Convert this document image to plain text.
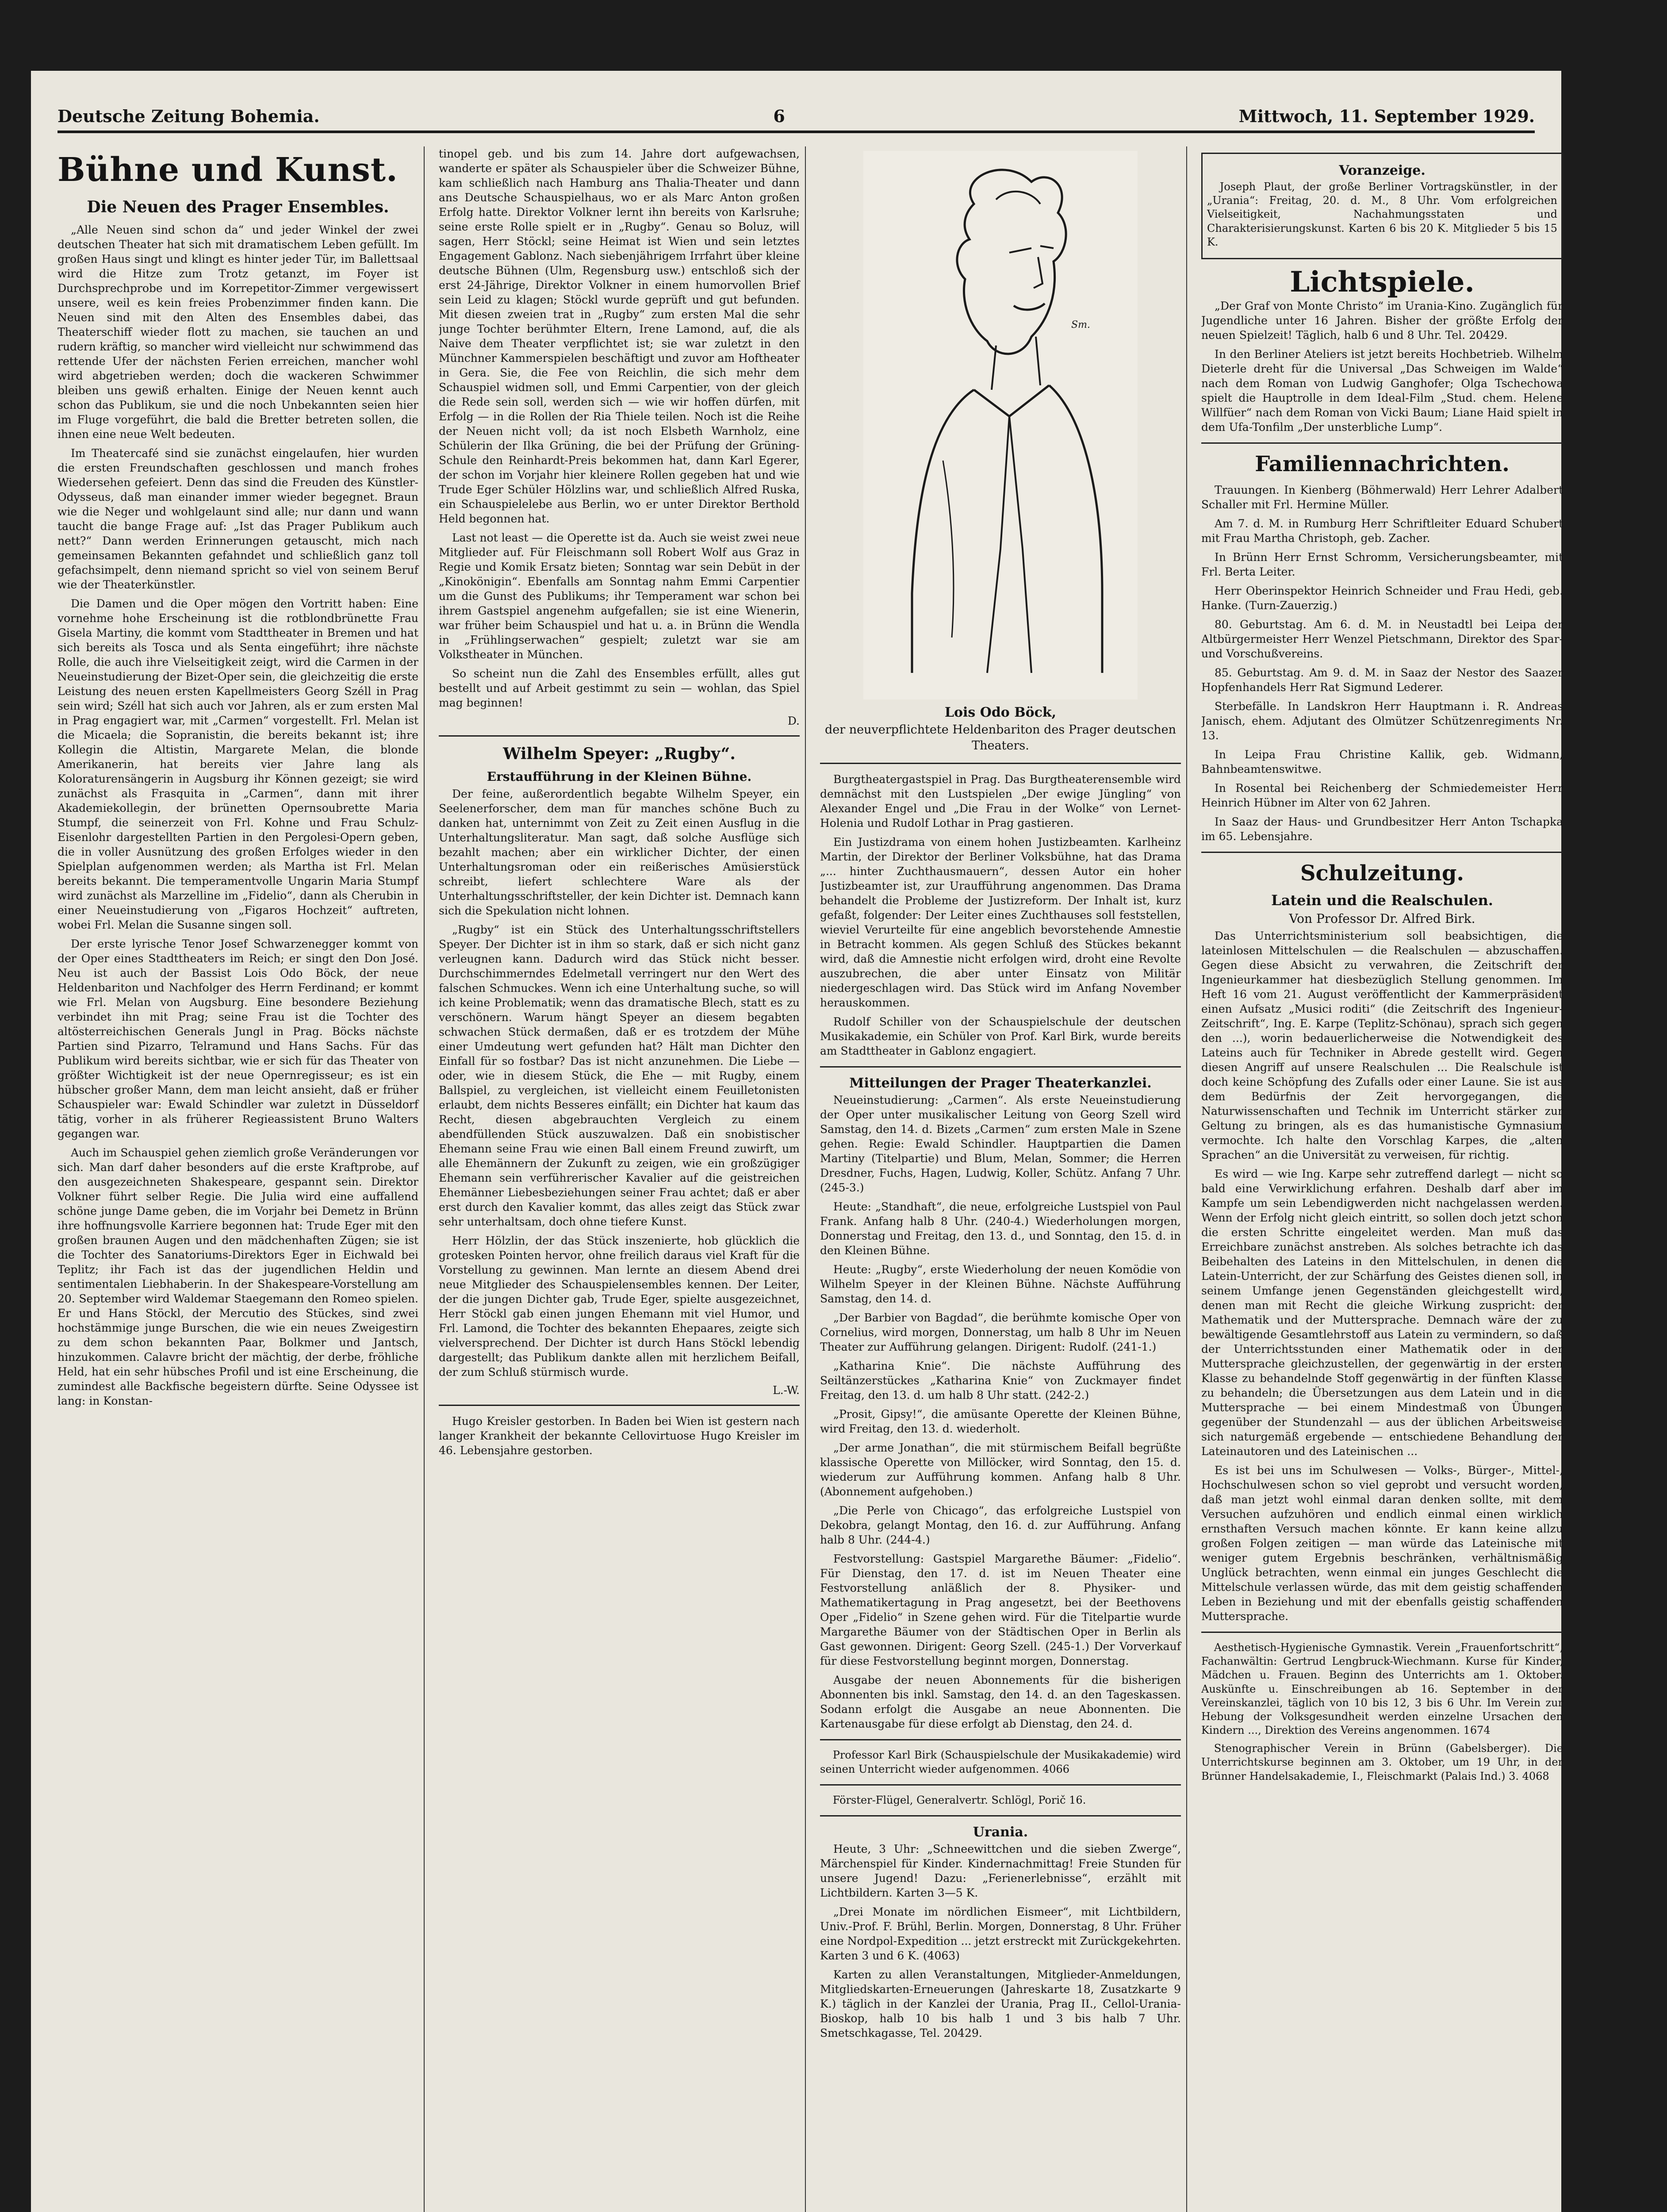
Deutsche Zeitung Bohemia.	6	Mittwoch, 11. September 1929.
Bühne und Kunst.
Die Neuen des Prager Ensembles.

„Alle Neuen sind schon da“ und jeder Winkel der zwei deutschen Theater hat sich mit dramatischem Leben gefüllt. Im großen Haus singt und klingt es hinter jeder Tür, im Ballettsaal wird die Hitze zum Trotz getanzt, im Foyer ist Durchsprechprobe und im Korrepetitor-Zimmer vergewissert unsere, weil es kein freies Probenzimmer finden kann. Die Neuen sind mit den Alten des Ensembles dabei, das Theaterschiff wieder flott zu machen, sie tauchen an und rudern kräftig, so mancher wird vielleicht nur schwimmend das rettende Ufer der nächsten Ferien erreichen, mancher wohl wird abgetrieben werden; doch die wackeren Schwimmer bleiben uns gewiß erhalten. Einige der Neuen kennt auch schon das Publikum, sie und die noch Unbekannten seien hier im Fluge vorgeführt, die bald die Bretter betreten sollen, die ihnen eine neue Welt bedeuten.

Im Theatercafé sind sie zunächst eingelaufen, hier wurden die ersten Freundschaften geschlossen und manch frohes Wiedersehen gefeiert. Denn das sind die Freuden des Künstler-Odysseus, daß man einander immer wieder begegnet. Braun wie die Neger und wohlgelaunt sind alle; nur dann und wann taucht die bange Frage auf: „Ist das Prager Publikum auch nett?“ Dann werden Erinnerungen getauscht, mich nach gemeinsamen Bekannten gefahndet und schließlich ganz toll gefachsimpelt, denn niemand spricht so viel von seinem Beruf wie der Theaterkünstler.

Die Damen und die Oper mögen den Vortritt haben: Eine vornehme hohe Erscheinung ist die rotblondbrünette Frau Gisela Martiny, die kommt vom Stadttheater in Bremen und hat sich bereits als Tosca und als Senta eingeführt; ihre nächste Rolle, die auch ihre Vielseitigkeit zeigt, wird die Carmen in der Neueinstudierung der Bizet-Oper sein, die gleichzeitig die erste Leistung des neuen ersten Kapellmeisters Georg Széll in Prag sein wird; Széll hat sich auch vor Jahren, als er zum ersten Mal in Prag engagiert war, mit „Carmen“ vorgestellt. Frl. Melan ist die Micaela; die Sopranistin, die bereits bekannt ist; ihre Kollegin die Altistin, Margarete Melan, die blonde Amerikanerin, hat bereits vier Jahre lang als Koloraturensängerin in Augsburg ihr Können gezeigt; sie wird zunächst als Frasquita in „Carmen“, dann mit ihrer Akademiekollegin, der brünetten Opernsoubrette Maria Stumpf, die seinerzeit von Frl. Kohne und Frau Schulz-Eisenlohr dargestellten Partien in den Pergolesi-Opern geben, die in voller Ausnützung des großen Erfolges wieder in den Spielplan aufgenommen werden; als Martha ist Frl. Melan bereits bekannt. Die temperamentvolle Ungarin Maria Stumpf wird zunächst als Marzelline im „Fidelio“, dann als Cherubin in einer Neueinstudierung von „Figaros Hochzeit“ auftreten, wobei Frl. Melan die Susanne singen soll.

Der erste lyrische Tenor Josef Schwarzenegger kommt von der Oper eines Stadttheaters im Reich; er singt den Don José. Neu ist auch der Bassist Lois Odo Böck, der neue Heldenbariton und Nachfolger des Herrn Ferdinand; er kommt wie Frl. Melan von Augsburg. Eine besondere Beziehung verbindet ihn mit Prag; seine Frau ist die Tochter des altösterreichischen Generals Jungl in Prag. Böcks nächste Partien sind Pizarro, Telramund und Hans Sachs. Für das Publikum wird bereits sichtbar, wie er sich für das Theater von größter Wichtigkeit ist der neue Opernregisseur; es ist ein hübscher großer Mann, dem man leicht ansieht, daß er früher Schauspieler war: Ewald Schindler war zuletzt in Düsseldorf tätig, vorher in als früherer Regieassistent Bruno Walters gegangen war.

Auch im Schauspiel gehen ziemlich große Veränderungen vor sich. Man darf daher besonders auf die erste Kraftprobe, auf den ausgezeichneten Shakespeare, gespannt sein. Direktor Volkner führt selber Regie. Die Julia wird eine auffallend schöne junge Dame geben, die im Vorjahr bei Demetz in Brünn ihre hoffnungsvolle Karriere begonnen hat: Trude Eger mit den großen braunen Augen und den mädchenhaften Zügen; sie ist die Tochter des Sanatoriums-Direktors Eger in Eichwald bei Teplitz; ihr Fach ist das der jugendlichen Heldin und sentimentalen Liebhaberin. In der Shakespeare-Vorstellung am 20. September wird Waldemar Staegemann den Romeo spielen. Er und Hans Stöckl, der Mercutio des Stückes, sind zwei hochstämmige junge Burschen, die wie ein neues Zweigestirn zu dem schon bekannten Paar, Bolkmer und Jantsch, hinzukommen. Calavre bricht der mächtig, der derbe, fröhliche Held, hat ein sehr hübsches Profil und ist eine Erscheinung, die zumindest alle Backfische begeistern dürfte. Seine Odyssee ist lang: in Konstan-

tinopel geb. und bis zum 14. Jahre dort aufgewachsen, wanderte er später als Schauspieler über die Schweizer Bühne, kam schließlich nach Hamburg ans Thalia-Theater und dann ans Deutsche Schauspielhaus, wo er als Marc Anton großen Erfolg hatte. Direktor Volkner lernt ihn bereits von Karlsruhe; seine erste Rolle spielt er in „Rugby“. Genau so Boluz, will sagen, Herr Stöckl; seine Heimat ist Wien und sein letztes Engagement Gablonz. Nach siebenjährigem Irrfahrt über kleine deutsche Bühnen (Ulm, Regensburg usw.) entschloß sich der erst 24-Jährige, Direktor Volkner in einem humorvollen Brief sein Leid zu klagen; Stöckl wurde geprüft und gut befunden. Mit diesen zweien trat in „Rugby“ zum ersten Mal die sehr junge Tochter berühmter Eltern, Irene Lamond, auf, die als Naive dem Theater verpflichtet ist; sie war zuletzt in den Münchner Kammerspielen beschäftigt und zuvor am Hoftheater in Gera. Sie, die Fee von Reichlin, die sich mehr dem Schauspiel widmen soll, und Emmi Carpentier, von der gleich die Rede sein soll, werden sich — wie wir hoffen dürfen, mit Erfolg — in die Rollen der Ria Thiele teilen. Noch ist die Reihe der Neuen nicht voll; da ist noch Elsbeth Warnholz, eine Schülerin der Ilka Grüning, die bei der Prüfung der Grüning-Schule den Reinhardt-Preis bekommen hat, dann Karl Egerer, der schon im Vorjahr hier kleinere Rollen gegeben hat und wie Trude Eger Schüler Hölzlins war, und schließlich Alfred Ruska, ein Schauspielelebe aus Berlin, wo er unter Direktor Berthold Held begonnen hat.

Last not least — die Operette ist da. Auch sie weist zwei neue Mitglieder auf. Für Fleischmann soll Robert Wolf aus Graz in Regie und Komik Ersatz bieten; Sonntag war sein Debüt in der „Kinokönigin“. Ebenfalls am Sonntag nahm Emmi Carpentier um die Gunst des Publikums; ihr Temperament war schon bei ihrem Gastspiel angenehm aufgefallen; sie ist eine Wienerin, war früher beim Schauspiel und hat u. a. in Brünn die Wendla in „Frühlingserwachen“ gespielt; zuletzt war sie am Volkstheater in München.

So scheint nun die Zahl des Ensembles erfüllt, alles gut bestellt und auf Arbeit gestimmt zu sein — wohlan, das Spiel mag beginnen!

D.
Wilhelm Speyer: „Rugby“.
Erstaufführung in der Kleinen Bühne.

Der feine, außerordentlich begabte Wilhelm Speyer, ein Seelenerforscher, dem man für manches schöne Buch zu danken hat, unternimmt von Zeit zu Zeit einen Ausflug in die Unterhaltungsliteratur. Man sagt, daß solche Ausflüge sich bezahlt machen; aber ein wirklicher Dichter, der einen Unterhaltungsroman oder ein reißerisches Amüsierstück schreibt, liefert schlechtere Ware als der Unterhaltungsschriftsteller, der kein Dichter ist. Demnach kann sich die Spekulation nicht lohnen.

„Rugby“ ist ein Stück des Unterhaltungsschriftstellers Speyer. Der Dichter ist in ihm so stark, daß er sich nicht ganz verleugnen kann. Dadurch wird das Stück nicht besser. Durchschimmerndes Edelmetall verringert nur den Wert des falschen Schmuckes. Wenn ich eine Unterhaltung suche, so will ich keine Problematik; wenn das dramatische Blech, statt es zu verschönern. Warum hängt Speyer an diesem begabten schwachen Stück dermaßen, daß er es trotzdem der Mühe einer Umdeutung wert gefunden hat? Hält man Dichter den Einfall für so fostbar? Das ist nicht anzunehmen. Die Liebe — oder, wie in diesem Stück, die Ehe — mit Rugby, einem Ballspiel, zu vergleichen, ist vielleicht einem Feuilletonisten erlaubt, dem nichts Besseres einfällt; ein Dichter hat kaum das Recht, diesen abgebrauchten Vergleich zu einem abendfüllenden Stück auszuwalzen. Daß ein snobistischer Ehemann seine Frau wie einen Ball einem Freund zuwirft, um alle Ehemännern der Zukunft zu zeigen, wie ein großzügiger Ehemann sein verführerischer Kavalier auf die geistreichen Ehemänner Liebesbeziehungen seiner Frau achtet; daß er aber erst durch den Kavalier kommt, das alles zeigt das Stück zwar sehr unterhaltsam, doch ohne tiefere Kunst.

Herr Hölzlin, der das Stück inszenierte, hob glücklich die grotesken Pointen hervor, ohne freilich daraus viel Kraft für die Vorstellung zu gewinnen. Man lernte an diesem Abend drei neue Mitglieder des Schauspielensembles kennen. Der Leiter, der die jungen Dichter gab, Trude Eger, spielte ausgezeichnet, Herr Stöckl gab einen jungen Ehemann mit viel Humor, und Frl. Lamond, die Tochter des bekannten Ehepaares, zeigte sich vielversprechend. Der Dichter ist durch Hans Stöckl lebendig dargestellt; das Publikum dankte allen mit herzlichem Beifall, der zum Schluß stürmisch wurde.

L.-W.

Hugo Kreisler gestorben. In Baden bei Wien ist gestern nach langer Krankheit der bekannte Cellovirtuose Hugo Kreisler im 46. Lebensjahre gestorben.

Sm.
Lois Odo Böck,
der neuverpflichtete Heldenbariton des Prager deutschen Theaters.

Burgtheatergastspiel in Prag. Das Burgtheaterensemble wird demnächst mit den Lustspielen „Der ewige Jüngling“ von Alexander Engel und „Die Frau in der Wolke“ von Lernet-Holenia und Rudolf Lothar in Prag gastieren.

Ein Justizdrama von einem hohen Justizbeamten. Karlheinz Martin, der Direktor der Berliner Volksbühne, hat das Drama „... hinter Zuchthausmauern“, dessen Autor ein hoher Justizbeamter ist, zur Uraufführung angenommen. Das Drama behandelt die Probleme der Justizreform. Der Inhalt ist, kurz gefaßt, folgender: Der Leiter eines Zuchthauses soll feststellen, wieviel Verurteilte für eine angeblich bevorstehende Amnestie in Betracht kommen. Als gegen Schluß des Stückes bekannt wird, daß die Amnestie nicht erfolgen wird, droht eine Revolte auszubrechen, die aber unter Einsatz von Militär niedergeschlagen wird. Das Stück wird im Anfang November herauskommen.

Rudolf Schiller von der Schauspielschule der deutschen Musikakademie, ein Schüler von Prof. Karl Birk, wurde bereits am Stadttheater in Gablonz engagiert.

Mitteilungen der Prager Theaterkanzlei.

Neueinstudierung: „Carmen“. Als erste Neueinstudierung der Oper unter musikalischer Leitung von Georg Szell wird Samstag, den 14. d. Bizets „Carmen“ zum ersten Male in Szene gehen. Regie: Ewald Schindler. Hauptpartien die Damen Martiny (Titelpartie) und Blum, Melan, Sommer; die Herren Dresdner, Fuchs, Hagen, Ludwig, Koller, Schütz. Anfang 7 Uhr. (245-3.)

Heute: „Standhaft“, die neue, erfolgreiche Lustspiel von Paul Frank. Anfang halb 8 Uhr. (240-4.) Wiederholungen morgen, Donnerstag und Freitag, den 13. d., und Sonntag, den 15. d. in den Kleinen Bühne.

Heute: „Rugby“, erste Wiederholung der neuen Komödie von Wilhelm Speyer in der Kleinen Bühne. Nächste Aufführung Samstag, den 14. d.

„Der Barbier von Bagdad“, die berühmte komische Oper von Cornelius, wird morgen, Donnerstag, um halb 8 Uhr im Neuen Theater zur Aufführung gelangen. Dirigent: Rudolf. (241-1.)

„Katharina Knie“. Die nächste Aufführung des Seiltänzerstückes „Katharina Knie“ von Zuckmayer findet Freitag, den 13. d. um halb 8 Uhr statt. (242-2.)

„Prosit, Gipsy!“, die amüsante Operette der Kleinen Bühne, wird Freitag, den 13. d. wiederholt.

„Der arme Jonathan“, die mit stürmischem Beifall begrüßte klassische Operette von Millöcker, wird Sonntag, den 15. d. wiederum zur Aufführung kommen. Anfang halb 8 Uhr. (Abonnement aufgehoben.)

„Die Perle von Chicago“, das erfolgreiche Lustspiel von Dekobra, gelangt Montag, den 16. d. zur Aufführung. Anfang halb 8 Uhr. (244-4.)

Festvorstellung: Gastspiel Margarethe Bäumer: „Fidelio“. Für Dienstag, den 17. d. ist im Neuen Theater eine Festvorstellung anläßlich der 8. Physiker- und Mathematikertagung in Prag angesetzt, bei der Beethovens Oper „Fidelio“ in Szene gehen wird. Für die Titelpartie wurde Margarethe Bäumer von der Städtischen Oper in Berlin als Gast gewonnen. Dirigent: Georg Szell. (245-1.) Der Vorverkauf für diese Festvorstellung beginnt morgen, Donnerstag.

Ausgabe der neuen Abonnements für die bisherigen Abonnenten bis inkl. Samstag, den 14. d. an den Tageskassen. Sodann erfolgt die Ausgabe an neue Abonnenten. Die Kartenausgabe für diese erfolgt ab Dienstag, den 24. d.

Professor Karl Birk (Schauspielschule der Musikakademie) wird seinen Unterricht wieder aufgenommen. 4066

Förster-Flügel, Generalvertr. Schlögl, Porič 16.

Urania.

Heute, 3 Uhr: „Schneewittchen und die sieben Zwerge“, Märchenspiel für Kinder. Kindernachmittag! Freie Stunden für unsere Jugend! Dazu: „Ferienerlebnisse“, erzählt mit Lichtbildern. Karten 3—5 K.

„Drei Monate im nördlichen Eismeer“, mit Lichtbildern, Univ.-Prof. F. Brühl, Berlin. Morgen, Donnerstag, 8 Uhr. Früher eine Nordpol-Expedition ... jetzt erstreckt mit Zurückgekehrten. Karten 3 und 6 K. (4063)

Karten zu allen Veranstaltungen, Mitglieder-Anmeldungen, Mitgliedskarten-Erneuerungen (Jahreskarte 18, Zusatzkarte 9 K.) täglich in der Kanzlei der Urania, Prag II., Cellol-Urania-Bioskop, halb 10 bis halb 1 und 3 bis halb 7 Uhr. Smetschkagasse, Tel. 20429.

Voranzeige.

Joseph Plaut, der große Berliner Vortragskünstler, in der „Urania“: Freitag, 20. d. M., 8 Uhr. Vom erfolgreichen Vielseitigkeit, Nachahmungsstaten und Charakterisierungskunst. Karten 6 bis 20 K. Mitglieder 5 bis 15 K.

Lichtspiele.

„Der Graf von Monte Christo“ im Urania-Kino. Zugänglich für Jugendliche unter 16 Jahren. Bisher der größte Erfolg der neuen Spielzeit! Täglich, halb 6 und 8 Uhr. Tel. 20429.

In den Berliner Ateliers ist jetzt bereits Hochbetrieb. Wilhelm Dieterle dreht für die Universal „Das Schweigen im Walde“ nach dem Roman von Ludwig Ganghofer; Olga Tschechowa spielt die Hauptrolle in dem Ideal-Film „Stud. chem. Helene Willfüer“ nach dem Roman von Vicki Baum; Liane Haid spielt in dem Ufa-Tonfilm „Der unsterbliche Lump“.

Familiennachrichten.

Trauungen. In Kienberg (Böhmerwald) Herr Lehrer Adalbert Schaller mit Frl. Hermine Müller.

Am 7. d. M. in Rumburg Herr Schriftleiter Eduard Schubert mit Frau Martha Christoph, geb. Zacher.

In Brünn Herr Ernst Schromm, Versicherungsbeamter, mit Frl. Berta Leiter.

Herr Oberinspektor Heinrich Schneider und Frau Hedi, geb. Hanke. (Turn-Zauerzig.)

80. Geburtstag. Am 6. d. M. in Neustadtl bei Leipa der Altbürgermeister Herr Wenzel Pietschmann, Direktor des Spar- und Vorschußvereins.

85. Geburtstag. Am 9. d. M. in Saaz der Nestor des Saazer Hopfenhandels Herr Rat Sigmund Lederer.

Sterbefälle. In Landskron Herr Hauptmann i. R. Andreas Janisch, ehem. Adjutant des Olmützer Schützenregiments Nr. 13.

In Leipa Frau Christine Kallik, geb. Widmann, Bahnbeamtenswitwe.

In Rosental bei Reichenberg der Schmiedemeister Herr Heinrich Hübner im Alter von 62 Jahren.

In Saaz der Haus- und Grundbesitzer Herr Anton Tschapka im 65. Lebensjahre.

Schulzeitung.
Latein und die Realschulen.
Von Professor Dr. Alfred Birk.

Das Unterrichtsministerium soll beabsichtigen, die lateinlosen Mittelschulen — die Realschulen — abzuschaffen. Gegen diese Absicht zu verwahren, die Zeitschrift der Ingenieurkammer hat diesbezüglich Stellung genommen. Im Heft 16 vom 21. August veröffentlicht der Kammerpräsident einen Aufsatz „Musici roditi“ (die Zeitschrift des Ingenieur-Zeitschrift“, Ing. E. Karpe (Teplitz-Schönau), sprach sich gegen den ...), worin bedauerlicherweise die Notwendigkeit des Lateins auch für Techniker in Abrede gestellt wird. Gegen diesen Angriff auf unsere Realschulen ... Die Realschule ist doch keine Schöpfung des Zufalls oder einer Laune. Sie ist aus dem Bedürfnis der Zeit hervorgegangen, die Naturwissenschaften und Technik im Unterricht stärker zur Geltung zu bringen, als es das humanistische Gymnasium vermochte. Ich halte den Vorschlag Karpes, die „alten Sprachen“ an die Universität zu verweisen, für richtig.

Es wird — wie Ing. Karpe sehr zutreffend darlegt — nicht so bald eine Verwirklichung erfahren. Deshalb darf aber im Kampfe um sein Lebendigwerden nicht nachgelassen werden. Wenn der Erfolg nicht gleich eintritt, so sollen doch jetzt schon die ersten Schritte eingeleitet werden. Man muß das Erreichbare zunächst anstreben. Als solches betrachte ich das Beibehalten des Lateins in den Mittelschulen, in denen die Latein-Unterricht, der zur Schärfung des Geistes dienen soll, in seinem Umfange jenen Gegenständen gleichgestellt wird, denen man mit Recht die gleiche Wirkung zuspricht: der Mathematik und der Muttersprache. Demnach wäre der zu bewältigende Gesamtlehrstoff aus Latein zu vermindern, so daß der Unterrichtsstunden einer Mathematik oder in der Muttersprache gleichzustellen, der gegenwärtig in der ersten Klasse zu behandelnde Stoff gegenwärtig in der fünften Klasse zu behandeln; die Übersetzungen aus dem Latein und in die Muttersprache — bei einem Mindestmaß von Übungen gegenüber der Stundenzahl — aus der üblichen Arbeitsweise sich naturgemäß ergebende — entschiedene Behandlung der Lateinautoren und des Lateinischen ...

Es ist bei uns im Schulwesen — Volks-, Bürger-, Mittel-, Hochschulwesen schon so viel geprobt und versucht worden, daß man jetzt wohl einmal daran denken sollte, mit dem Versuchen aufzuhören und endlich einmal einen wirklich ernsthaften Versuch machen könnte. Er kann keine allzu großen Folgen zeitigen — man würde das Lateinische mit weniger gutem Ergebnis beschränken, verhältnismäßig Unglück betrachten, wenn einmal ein junges Geschlecht die Mittelschule verlassen würde, das mit dem geistig schaffenden Leben in Beziehung und mit der ebenfalls geistig schaffenden Muttersprache.

Aesthetisch-Hygienische Gymnastik. Verein „Frauenfortschritt“, Fachanwältin: Gertrud Lengbruck-Wiechmann. Kurse für Kinder, Mädchen u. Frauen. Beginn des Unterrichts am 1. Oktober. Auskünfte u. Einschreibungen ab 16. September in der Vereinskanzlei, täglich von 10 bis 12, 3 bis 6 Uhr. Im Verein zur Hebung der Volksgesundheit werden einzelne Ursachen den Kindern ..., Direktion des Vereins angenommen. 1674

Stenographischer Verein in Brünn (Gabelsberger). Die Unterrichtskurse beginnen am 3. Oktober, um 19 Uhr, in der Brünner Handelsakademie, I., Fleischmarkt (Palais Ind.) 3. 4068
